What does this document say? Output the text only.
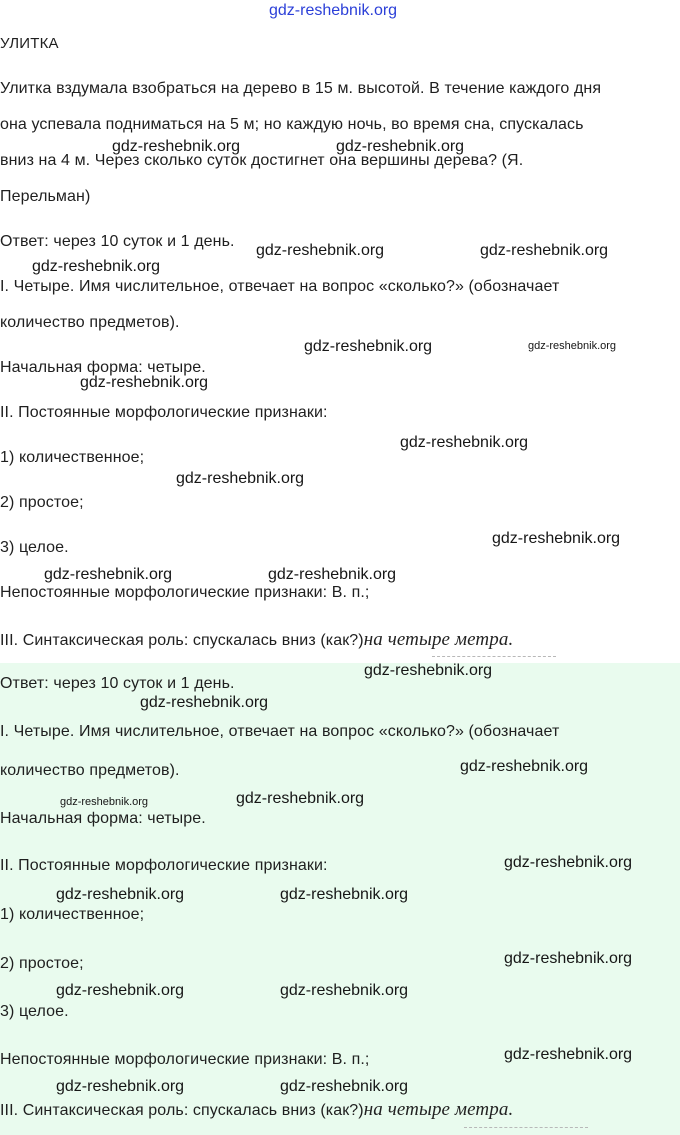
gdz-reshebnik.org
УЛИТКА
Улитка вздумала взобраться на дерево в 15 м. высотой. В течение каждого дня
она успевала подниматься на 5 м; но каждую ночь, во время сна, спускалась
вниз на 4 м. Через сколько суток достигнет она вершины дерева? (Я.
Перельман)
Ответ: через 10 суток и 1 день.
I. Четыре. Имя числительное, отвечает на вопрос «сколько?» (обозначает
количество предметов).
Начальная форма: четыре.
II. Постоянные морфологические признаки:
1) количественное;
2) простое;
3) целое.
Непостоянные морфологические признаки: В. п.;
III. Синтаксическая роль: спускалась вниз (как?)на четыре метра.
Ответ: через 10 суток и 1 день.
I. Четыре. Имя числительное, отвечает на вопрос «сколько?» (обозначает
количество предметов).
Начальная форма: четыре.
II. Постоянные морфологические признаки:
1) количественное;
2) простое;
3) целое.
Непостоянные морфологические признаки: В. п.;
III. Синтаксическая роль: спускалась вниз (как?)на четыре метра.
gdz-reshebnik.org	gdz-reshebnik.org
gdz-reshebnik.org	gdz-reshebnik.org
gdz-reshebnik.org
gdz-reshebnik.org	gdz-reshebnik.org
gdz-reshebnik.org
gdz-reshebnik.org
gdz-reshebnik.org
gdz-reshebnik.org
gdz-reshebnik.org	gdz-reshebnik.org
gdz-reshebnik.org
gdz-reshebnik.org
gdz-reshebnik.org
gdz-reshebnik.org	gdz-reshebnik.org
gdz-reshebnik.org
gdz-reshebnik.org	gdz-reshebnik.org
gdz-reshebnik.org
gdz-reshebnik.org	gdz-reshebnik.org
gdz-reshebnik.org
gdz-reshebnik.org	gdz-reshebnik.org
